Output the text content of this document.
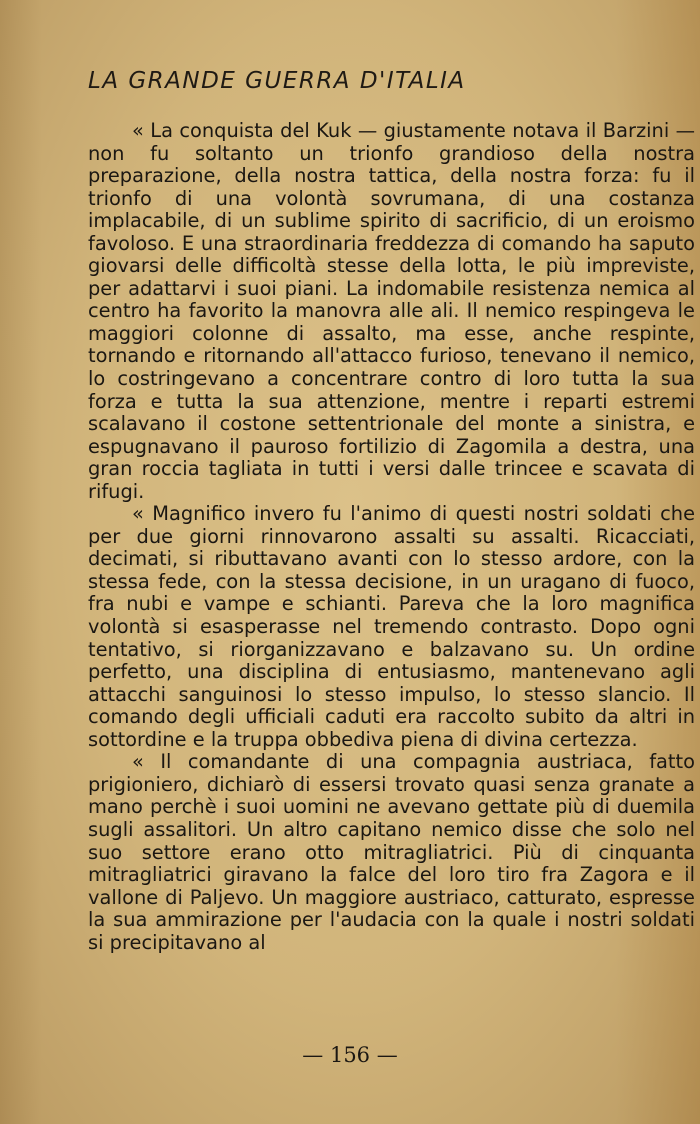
LA GRANDE GUERRA D'ITALIA

« La conquista del Kuk — giustamente notava il Barzini — non fu soltanto un trionfo grandioso della nostra preparazione, della nostra tattica, della nostra forza: fu il trionfo di una volontà sovrumana, di una costanza implacabile, di un sublime spirito di sacrificio, di un eroismo favoloso. E una straordinaria freddezza di comando ha saputo giovarsi delle difficoltà stesse della lotta, le più impreviste, per adattarvi i suoi piani. La indomabile resistenza nemica al centro ha favorito la manovra alle ali. Il nemico respingeva le maggiori colonne di assalto, ma esse, anche respinte, tornando e ritornando all'attacco furioso, tenevano il nemico, lo costringevano a concentrare contro di loro tutta la sua forza e tutta la sua attenzione, mentre i reparti estremi scalavano il costone settentrionale del monte a sinistra, e espugnavano il pauroso fortilizio di Zagomila a destra, una gran roccia tagliata in tutti i versi dalle trincee e scavata di rifugi.

« Magnifico invero fu l'animo di questi nostri soldati che per due giorni rinnovarono assalti su assalti. Ricacciati, decimati, si ributtavano avanti con lo stesso ardore, con la stessa fede, con la stessa decisione, in un uragano di fuoco, fra nubi e vampe e schianti. Pareva che la loro magnifica volontà si esasperasse nel tremendo contrasto. Dopo ogni tentativo, si riorganizzavano e balzavano su. Un ordine perfetto, una disciplina di entusiasmo, mantenevano agli attacchi sanguinosi lo stesso impulso, lo stesso slancio. Il comando degli ufficiali caduti era raccolto subito da altri in sottordine e la truppa obbediva piena di divina certezza.

« Il comandante di una compagnia austriaca, fatto prigioniero, dichiarò di essersi trovato quasi senza granate a mano perchè i suoi uomini ne avevano gettate più di duemila sugli assalitori. Un altro capitano nemico disse che solo nel suo settore erano otto mitragliatrici. Più di cinquanta mitragliatrici giravano la falce del loro tiro fra Zagora e il vallone di Paljevo. Un maggiore austriaco, catturato, espresse la sua ammirazione per l'audacia con la quale i nostri soldati si precipitavano al

— 156 —
